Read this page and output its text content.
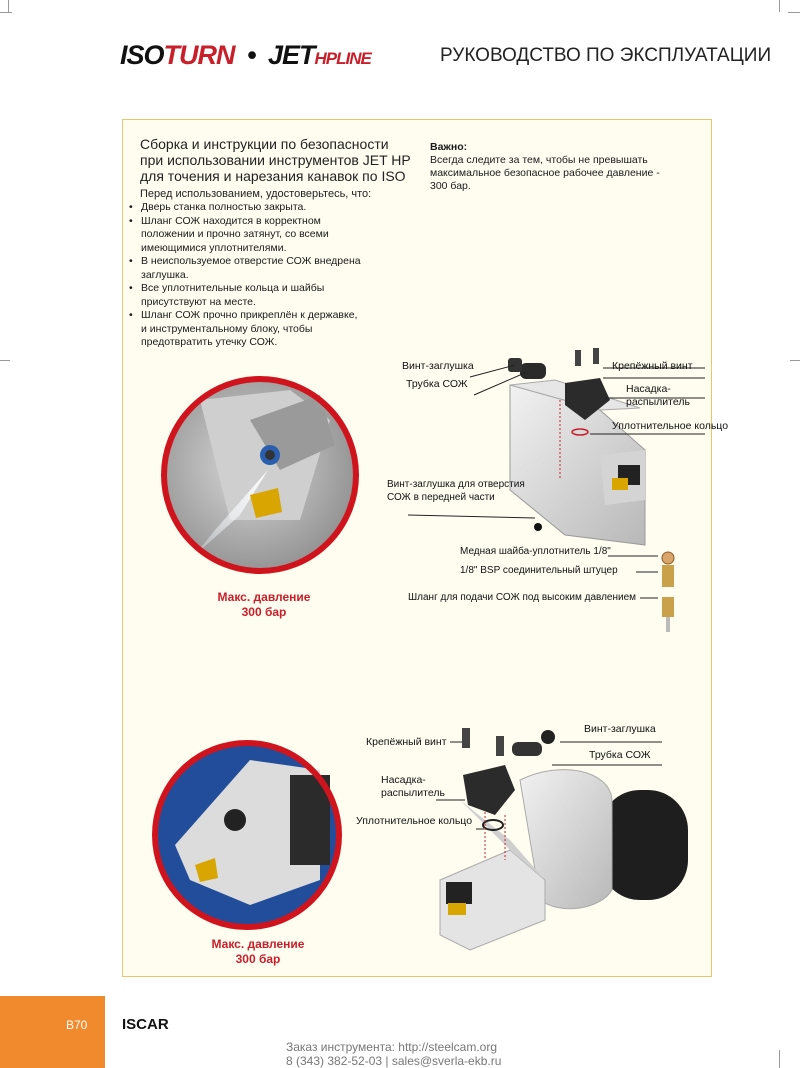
ISOTURN • JETHPLINE	РУКОВОДСТВО ПО ЭКСПЛУАТАЦИИ
Сборка и инструкции по безопасности
при использовании инструментов JET HP
для точения и нарезания канавок по ISO
Перед использованием, удостоверьтесь, что:
• Дверь станка полностью закрыта.
• Шланг СОЖ находится в корректном положении и прочно затянут, со всеми имеющимися уплотнителями.
• В неиспользуемое отверстие СОЖ внедрена заглушка.
• Все уплотнительные кольца и шайбы присутствуют на месте.
• Шланг СОЖ прочно прикреплён к державке, и инструментальному блоку, чтобы предотвратить утечку СОЖ.
Важно:
Всегда следите за тем, чтобы не превышать максимальное безопасное рабочее давление - 300 бар.
Винт-заглушка
Трубка СОЖ
Крепёжный винт
Насадка-
распылитель
Уплотнительное кольцо
Винт-заглушка для отверстия
СОЖ в передней части
Медная шайба-уплотнитель 1/8"
1/8" BSP соединительный штуцер
Шланг для подачи СОЖ под высоким давлением
Макс. давление
300 бар
Крепёжный винт
Винт-заглушка
Трубка СОЖ
Насадка-
распылитель
Уплотнительное кольцо
Макс. давление
300 бар
B70 ISCAR
Заказ инструмента: http://steelcam.org
8 (343) 382-52-03 | sales@sverla-ekb.ru
